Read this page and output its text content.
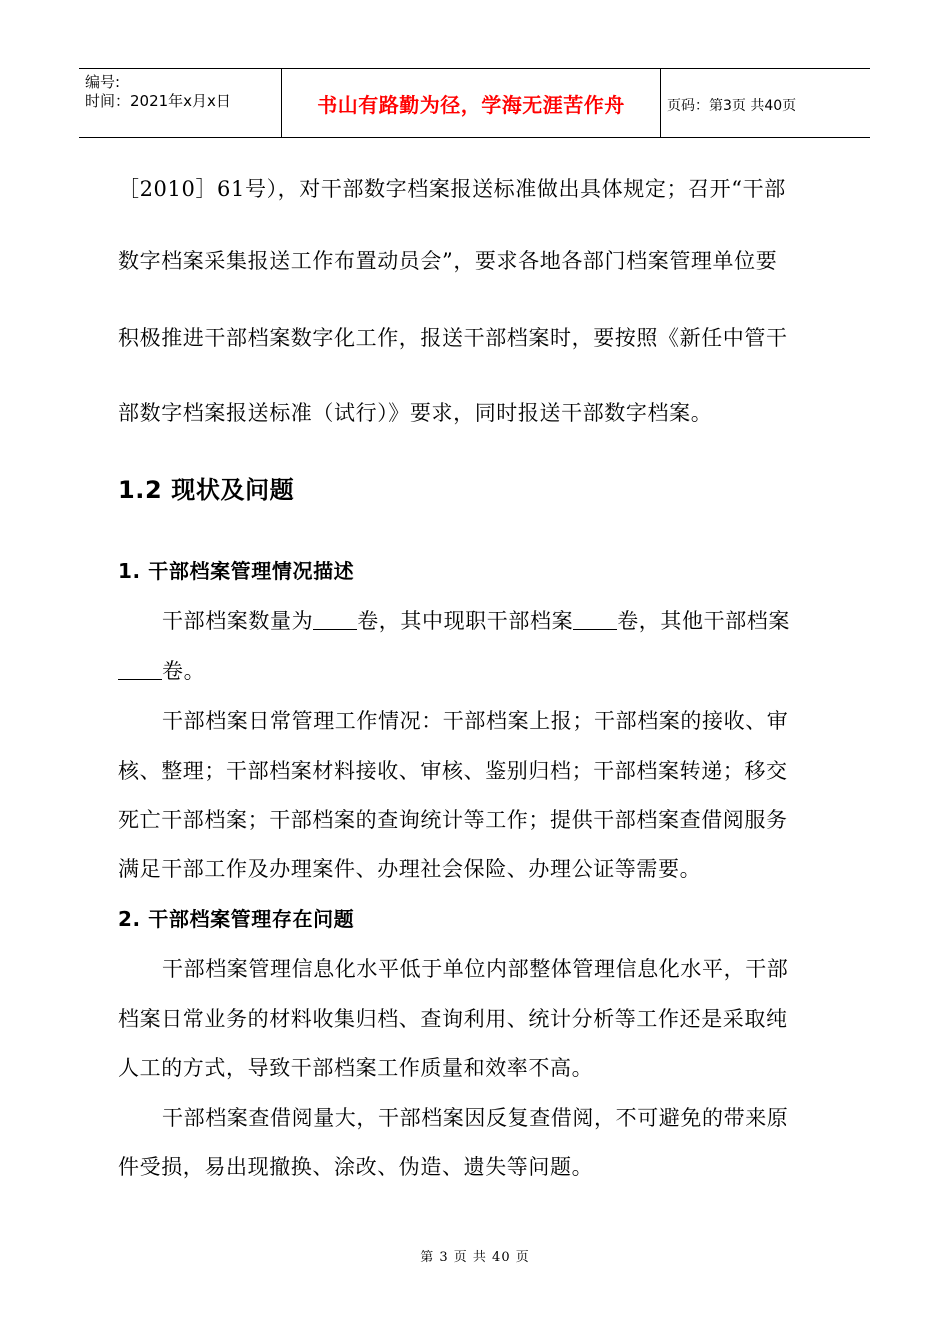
编号:
时间：2021年x月x日	书山有路勤为径，学海无涯苦作舟	页码：第3页 共40页
［2010］61号），对干部数字档案报送标准做出具体规定；召开“干部
数字档案采集报送工作布置动员会”，要求各地各部门档案管理单位要
积极推进干部档案数字化工作，报送干部档案时，要按照《新任中管干
部数字档案报送标准（试行）》要求，同时报送干部数字档案。
1.2 现状及问题
1. 干部档案管理情况描述
干部档案数量为 卷，其中现职干部档案 卷，其他干部档案
卷。
干部档案日常管理工作情况：干部档案上报；干部档案的接收、审
核、整理；干部档案材料接收、审核、鉴别归档；干部档案转递；移交
死亡干部档案；干部档案的查询统计等工作；提供干部档案查借阅服务
满足干部工作及办理案件、办理社会保险、办理公证等需要。
2. 干部档案管理存在问题
干部档案管理信息化水平低于单位内部整体管理信息化水平，干部
档案日常业务的材料收集归档、查询利用、统计分析等工作还是采取纯
人工的方式，导致干部档案工作质量和效率不高。
干部档案查借阅量大，干部档案因反复查借阅，不可避免的带来原
件受损，易出现撤换、涂改、伪造、遗失等问题。
第 3 页 共 40 页
